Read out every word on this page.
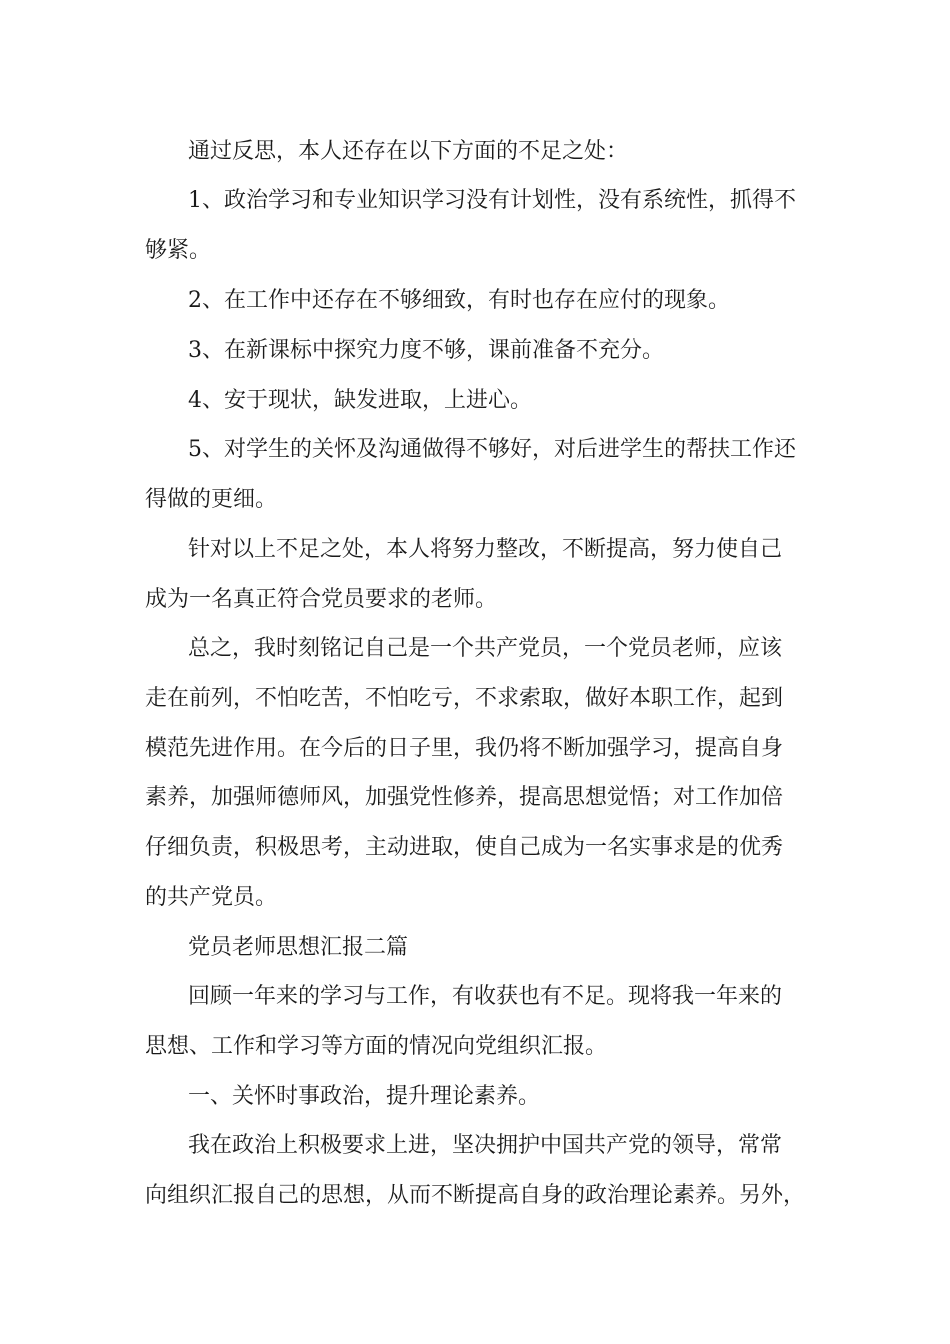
通过反思，本人还存在以下方面的不足之处：

1、政治学习和专业知识学习没有计划性，没有系统性，抓得不

够紧。

2、在工作中还存在不够细致，有时也存在应付的现象。

3、在新课标中探究力度不够，课前准备不充分。

4、安于现状，缺发进取，上进心。

5、对学生的关怀及沟通做得不够好，对后进学生的帮扶工作还

得做的更细。

针对以上不足之处，本人将努力整改，不断提高，努力使自己

成为一名真正符合党员要求的老师。

总之，我时刻铭记自己是一个共产党员，一个党员老师，应该

走在前列，不怕吃苦，不怕吃亏，不求索取，做好本职工作，起到

模范先进作用。在今后的日子里，我仍将不断加强学习，提高自身

素养，加强师德师风，加强党性修养，提高思想觉悟；对工作加倍

仔细负责，积极思考，主动进取，使自己成为一名实事求是的优秀

的共产党员。

党员老师思想汇报二篇

回顾一年来的学习与工作，有收获也有不足。现将我一年来的

思想、工作和学习等方面的情况向党组织汇报。

一、关怀时事政治，提升理论素养。

我在政治上积极要求上进，坚决拥护中国共产党的领导，常常

向组织汇报自己的思想，从而不断提高自身的政治理论素养。另外，
